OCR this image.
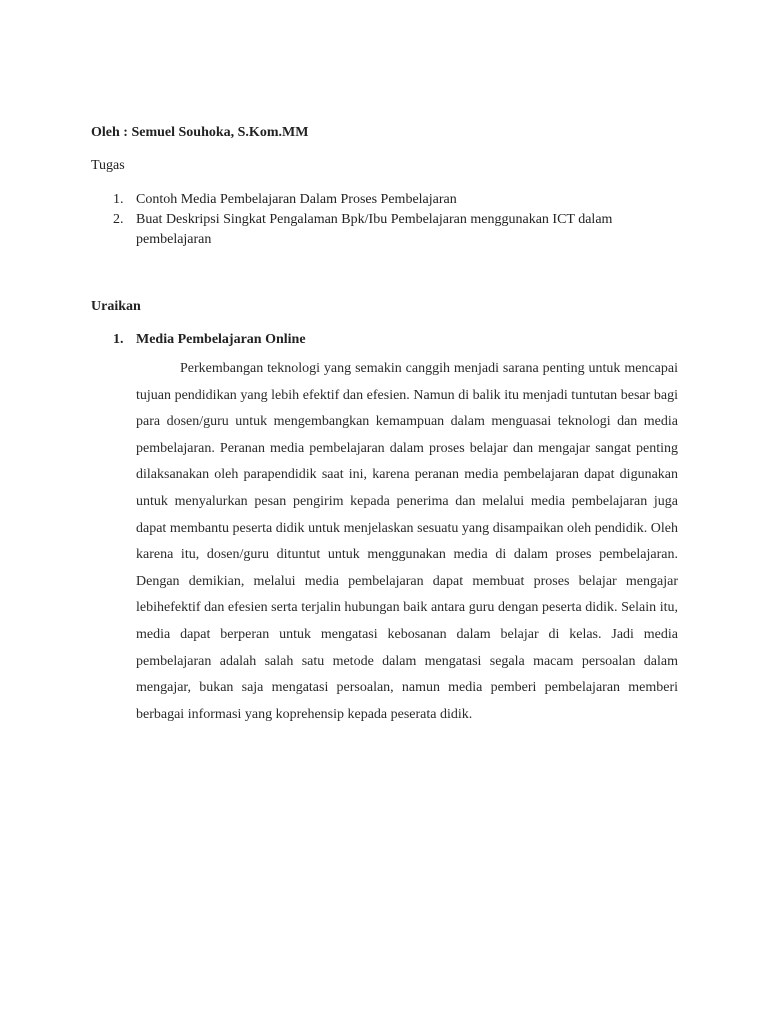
Oleh : Semuel Souhoka, S.Kom.MM
Tugas
1. Contoh Media Pembelajaran Dalam Proses Pembelajaran
2. Buat Deskripsi Singkat Pengalaman Bpk/Ibu Pembelajaran menggunakan ICT dalam pembelajaran
Uraikan
1. Media Pembelajaran Online

Perkembangan teknologi yang semakin canggih menjadi sarana penting untuk mencapai tujuan pendidikan yang lebih efektif dan efesien. Namun di balik itu menjadi tuntutan besar bagi para dosen/guru untuk mengembangkan kemampuan dalam menguasai teknologi dan media pembelajaran. Peranan media pembelajaran dalam proses belajar dan mengajar sangat penting dilaksanakan oleh parapendidik saat ini, karena peranan media pembelajaran dapat digunakan untuk menyalurkan pesan pengirim kepada penerima dan melalui media pembelajaran juga dapat membantu peserta didik untuk menjelaskan sesuatu yang disampaikan oleh pendidik. Oleh karena itu, dosen/guru dituntut untuk menggunakan media di dalam proses pembelajaran. Dengan demikian, melalui media pembelajaran dapat membuat proses belajar mengajar lebihefektif dan efesien serta terjalin hubungan baik antara guru dengan peserta didik. Selain itu, media dapat berperan untuk mengatasi kebosanan dalam belajar di kelas. Jadi media pembelajaran adalah salah satu metode dalam mengatasi segala macam persoalan dalam mengajar, bukan saja mengatasi persoalan, namun media pemberi pembelajaran memberi berbagai informasi yang koprehensip kepada peserata didik.
